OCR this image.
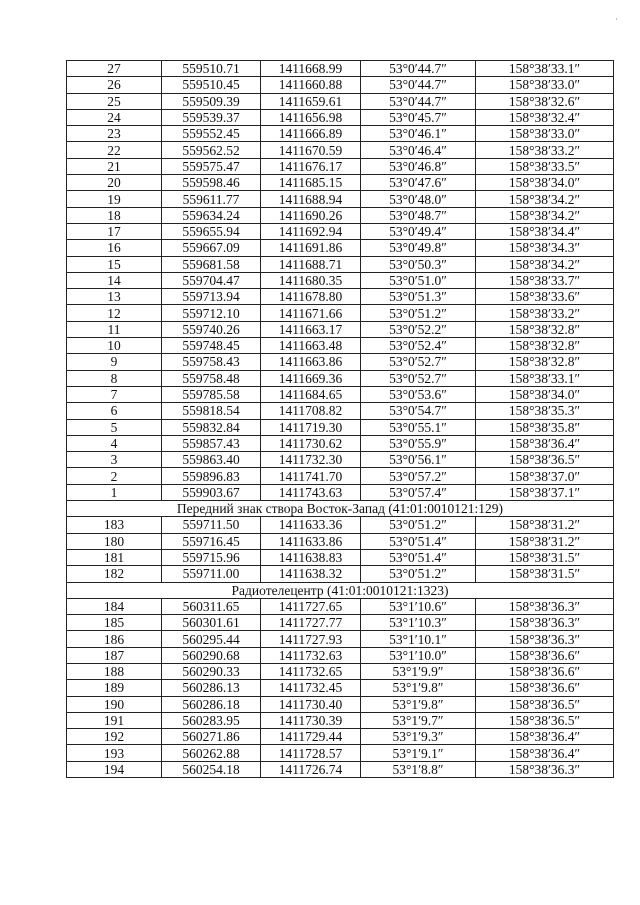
·
27	559510.71	1411668.99	53°0′44.7″	158°38′33.1″
26	559510.45	1411660.88	53°0′44.7″	158°38′33.0″
25	559509.39	1411659.61	53°0′44.7″	158°38′32.6″
24	559539.37	1411656.98	53°0′45.7″	158°38′32.4″
23	559552.45	1411666.89	53°0′46.1″	158°38′33.0″
22	559562.52	1411670.59	53°0′46.4″	158°38′33.2″
21	559575.47	1411676.17	53°0′46.8″	158°38′33.5″
20	559598.46	1411685.15	53°0′47.6″	158°38′34.0″
19	559611.77	1411688.94	53°0′48.0″	158°38′34.2″
18	559634.24	1411690.26	53°0′48.7″	158°38′34.2″
17	559655.94	1411692.94	53°0′49.4″	158°38′34.4″
16	559667.09	1411691.86	53°0′49.8″	158°38′34.3″
15	559681.58	1411688.71	53°0′50.3″	158°38′34.2″
14	559704.47	1411680.35	53°0′51.0″	158°38′33.7″
13	559713.94	1411678.80	53°0′51.3″	158°38′33.6″
12	559712.10	1411671.66	53°0′51.2″	158°38′33.2″
11	559740.26	1411663.17	53°0′52.2″	158°38′32.8″
10	559748.45	1411663.48	53°0′52.4″	158°38′32.8″
9	559758.43	1411663.86	53°0′52.7″	158°38′32.8″
8	559758.48	1411669.36	53°0′52.7″	158°38′33.1″
7	559785.58	1411684.65	53°0′53.6″	158°38′34.0″
6	559818.54	1411708.82	53°0′54.7″	158°38′35.3″
5	559832.84	1411719.30	53°0′55.1″	158°38′35.8″
4	559857.43	1411730.62	53°0′55.9″	158°38′36.4″
3	559863.40	1411732.30	53°0′56.1″	158°38′36.5″
2	559896.83	1411741.70	53°0′57.2″	158°38′37.0″
1	559903.67	1411743.63	53°0′57.4″	158°38′37.1″
Передний знак створа Восток-Запад (41:01:0010121:129)				
183	559711.50	1411633.36	53°0′51.2″	158°38′31.2″
180	559716.45	1411633.86	53°0′51.4″	158°38′31.2″
181	559715.96	1411638.83	53°0′51.4″	158°38′31.5″
182	559711.00	1411638.32	53°0′51.2″	158°38′31.5″
Радиотелецентр (41:01:0010121:1323)				
184	560311.65	1411727.65	53°1′10.6″	158°38′36.3″
185	560301.61	1411727.77	53°1′10.3″	158°38′36.3″
186	560295.44	1411727.93	53°1′10.1″	158°38′36.3″
187	560290.68	1411732.63	53°1′10.0″	158°38′36.6″
188	560290.33	1411732.65	53°1′9.9″	158°38′36.6″
189	560286.13	1411732.45	53°1′9.8″	158°38′36.6″
190	560286.18	1411730.40	53°1′9.8″	158°38′36.5″
191	560283.95	1411730.39	53°1′9.7″	158°38′36.5″
192	560271.86	1411729.44	53°1′9.3″	158°38′36.4″
193	560262.88	1411728.57	53°1′9.1″	158°38′36.4″
194	560254.18	1411726.74	53°1′8.8″	158°38′36.3″
